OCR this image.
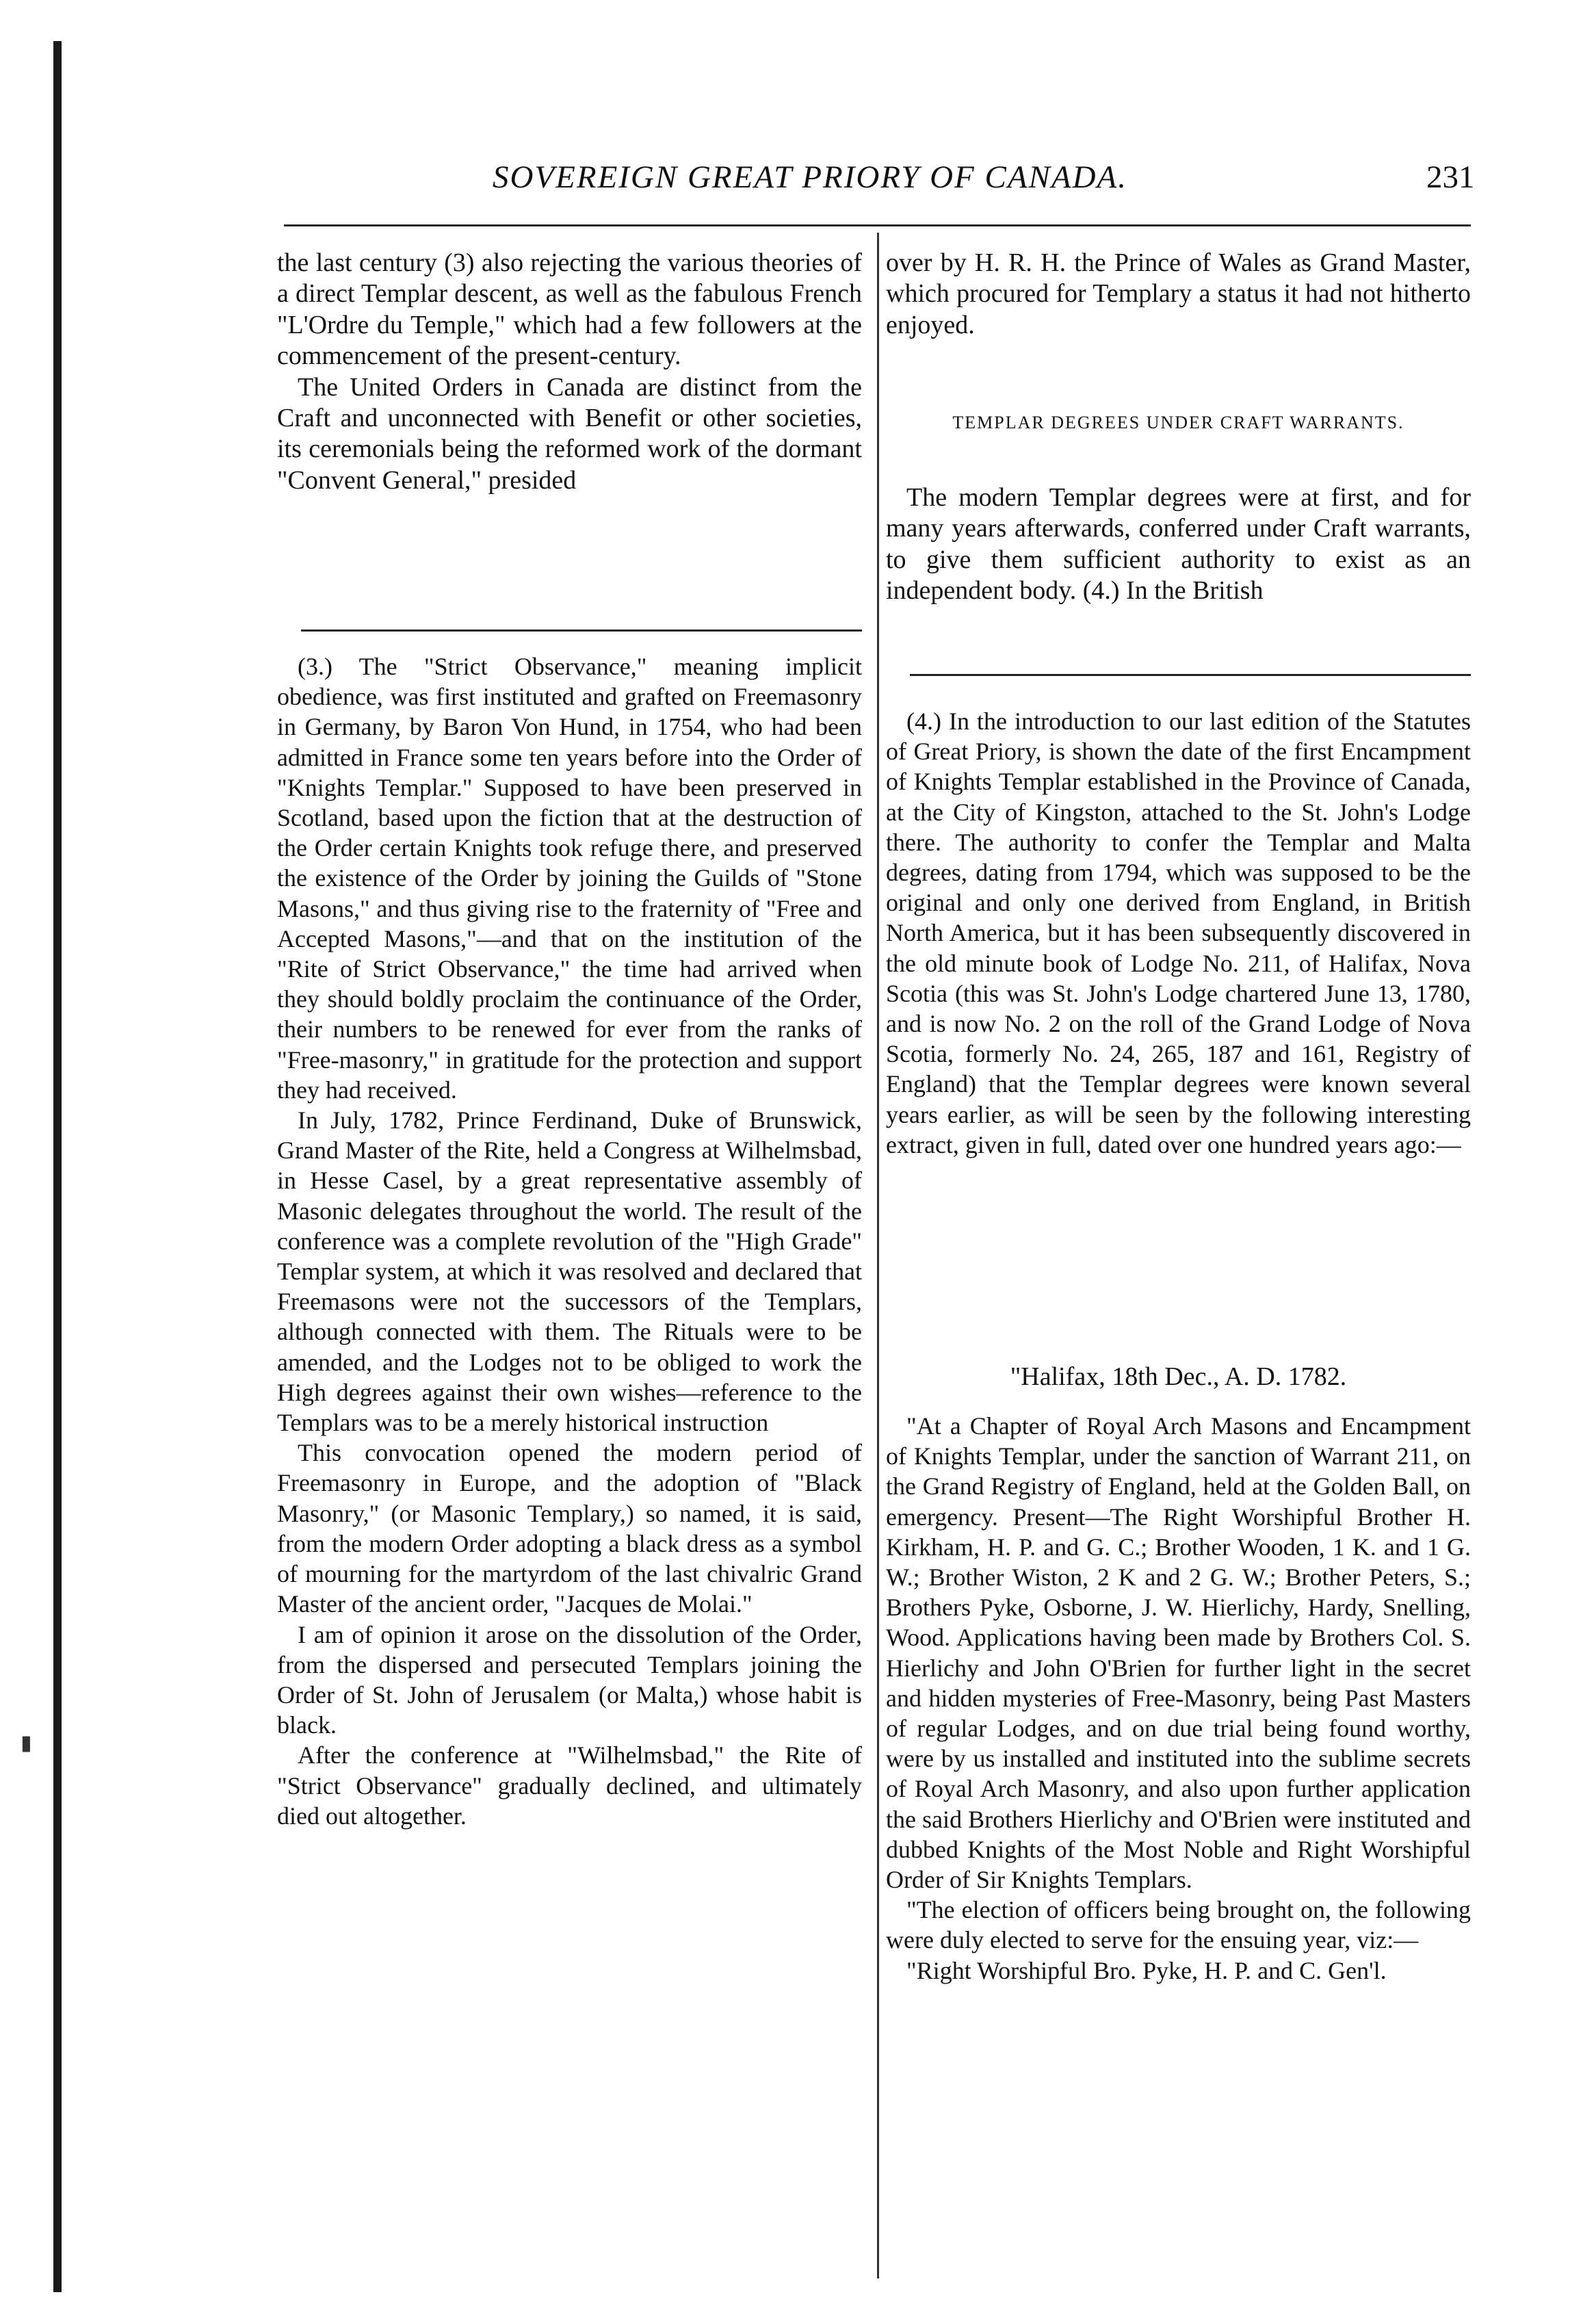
SOVEREIGN GREAT PRIORY OF CANADA.	231

the last century (3) also rejecting the various theories of a direct Templar descent, as well as the fabulous French "L'Ordre du Temple," which had a few followers at the commencement of the present-century.

The United Orders in Canada are distinct from the Craft and unconnected with Benefit or other societies, its ceremonials being the reformed work of the dormant "Convent General," presided

(3.) The "Strict Observance," meaning implicit obedience, was first instituted and grafted on Freemasonry in Germany, by Baron Von Hund, in 1754, who had been admitted in France some ten years before into the Order of "Knights Templar." Supposed to have been preserved in Scotland, based upon the fiction that at the destruction of the Order certain Knights took refuge there, and preserved the existence of the Order by joining the Guilds of "Stone Masons," and thus giving rise to the fraternity of "Free and Accepted Masons,"—and that on the institution of the "Rite of Strict Observance," the time had arrived when they should boldly proclaim the continuance of the Order, their numbers to be renewed for ever from the ranks of "Free-masonry," in gratitude for the protection and support they had received.

In July, 1782, Prince Ferdinand, Duke of Brunswick, Grand Master of the Rite, held a Congress at Wilhelmsbad, in Hesse Casel, by a great representative assembly of Masonic delegates throughout the world. The result of the conference was a complete revolution of the "High Grade" Templar system, at which it was resolved and declared that Freemasons were not the successors of the Templars, although connected with them. The Rituals were to be amended, and the Lodges not to be obliged to work the High degrees against their own wishes—reference to the Templars was to be a merely historical instruction

This convocation opened the modern period of Freemasonry in Europe, and the adoption of "Black Masonry," (or Masonic Templary,) so named, it is said, from the modern Order adopting a black dress as a symbol of mourning for the martyrdom of the last chivalric Grand Master of the ancient order, "Jacques de Molai."

I am of opinion it arose on the dissolution of the Order, from the dispersed and persecuted Templars joining the Order of St. John of Jerusalem (or Malta,) whose habit is black.

After the conference at "Wilhelmsbad," the Rite of "Strict Observance" gradually declined, and ultimately died out altogether.

over by H. R. H. the Prince of Wales as Grand Master, which procured for Templary a status it had not hitherto enjoyed.

TEMPLAR DEGREES UNDER CRAFT WARRANTS.

The modern Templar degrees were at first, and for many years afterwards, conferred under Craft warrants, to give them sufficient authority to exist as an independent body. (4.) In the British

(4.) In the introduction to our last edition of the Statutes of Great Priory, is shown the date of the first Encampment of Knights Templar established in the Province of Canada, at the City of Kingston, attached to the St. John's Lodge there. The authority to confer the Templar and Malta degrees, dating from 1794, which was supposed to be the original and only one derived from England, in British North America, but it has been subsequently discovered in the old minute book of Lodge No. 211, of Halifax, Nova Scotia (this was St. John's Lodge chartered June 13, 1780, and is now No. 2 on the roll of the Grand Lodge of Nova Scotia, formerly No. 24, 265, 187 and 161, Registry of England) that the Templar degrees were known several years earlier, as will be seen by the following interesting extract, given in full, dated over one hundred years ago:—

"Halifax, 18th Dec., A. D. 1782.

"At a Chapter of Royal Arch Masons and Encampment of Knights Templar, under the sanction of Warrant 211, on the Grand Registry of England, held at the Golden Ball, on emergency. Present—The Right Worshipful Brother H. Kirkham, H. P. and G. C.; Brother Wooden, 1 K. and 1 G. W.; Brother Wiston, 2 K and 2 G. W.; Brother Peters, S.; Brothers Pyke, Osborne, J. W. Hierlichy, Hardy, Snelling, Wood. Applications having been made by Brothers Col. S. Hierlichy and John O'Brien for further light in the secret and hidden mysteries of Free-Masonry, being Past Masters of regular Lodges, and on due trial being found worthy, were by us installed and instituted into the sublime secrets of Royal Arch Masonry, and also upon further application the said Brothers Hierlichy and O'Brien were instituted and dubbed Knights of the Most Noble and Right Worshipful Order of Sir Knights Templars.

"The election of officers being brought on, the following were duly elected to serve for the ensuing year, viz:—

"Right Worshipful Bro. Pyke, H. P. and C. Gen'l.

▮
